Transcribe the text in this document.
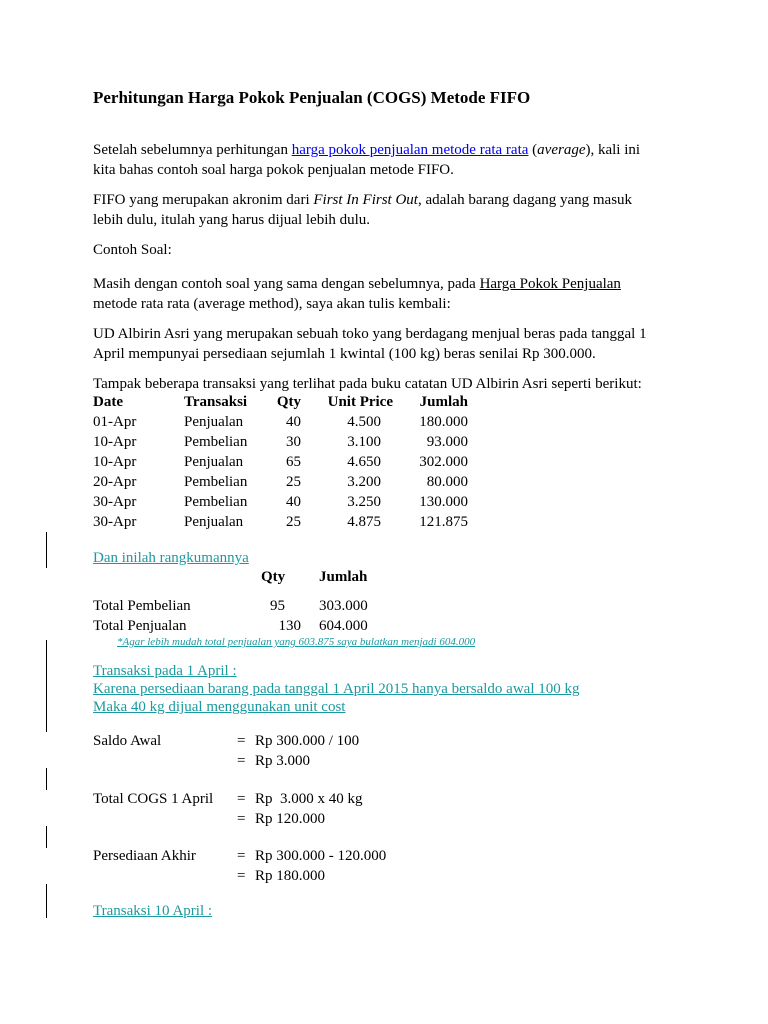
Perhitungan Harga Pokok Penjualan (COGS) Metode FIFO
Setelah sebelumnya perhitungan harga pokok penjualan metode rata rata (average), kali ini
kita bahas contoh soal harga pokok penjualan metode FIFO.
FIFO yang merupakan akronim dari First In First Out, adalah barang dagang yang masuk
lebih dulu, itulah yang harus dijual lebih dulu.
Contoh Soal:
Masih dengan contoh soal yang sama dengan sebelumnya, pada Harga Pokok Penjualan
metode rata rata (average method), saya akan tulis kembali:
UD Albirin Asri yang merupakan sebuah toko yang berdagang menjual beras pada tanggal 1
April mempunyai persediaan sejumlah 1 kwintal (100 kg) beras senilai Rp 300.000.
Tampak beberapa transaksi yang terlihat pada buku catatan UD Albirin Asri seperti berikut:
Date	Transaksi	Qty	Unit Price	Jumlah
01-Apr	Penjualan	40	4.500	180.000
10-Apr	Pembelian	30	3.100	93.000
10-Apr	Penjualan	65	4.650	302.000
20-Apr	Pembelian	25	3.200	80.000
30-Apr	Pembelian	40	3.250	130.000
30-Apr	Penjualan	25	4.875	121.875
Dan inilah rangkumannya
Qty Jumlah
Total Pembelian	95 303.000
Total Penjualan	130 604.000
*Agar lebih mudah total penjualan yang 603.875 saya bulatkan menjadi 604.000
Transaksi pada 1 April :
Karena persediaan barang pada tanggal 1 April 2015 hanya bersaldo awal 100 kg
Maka 40 kg dijual menggunakan unit cost
Saldo Awal	= Rp 300.000 / 100
= Rp 3.000
Total COGS 1 April = Rp  3.000 x 40 kg
= Rp 120.000
Persediaan Akhir	= Rp 300.000 - 120.000
= Rp 180.000
Transaksi 10 April :
